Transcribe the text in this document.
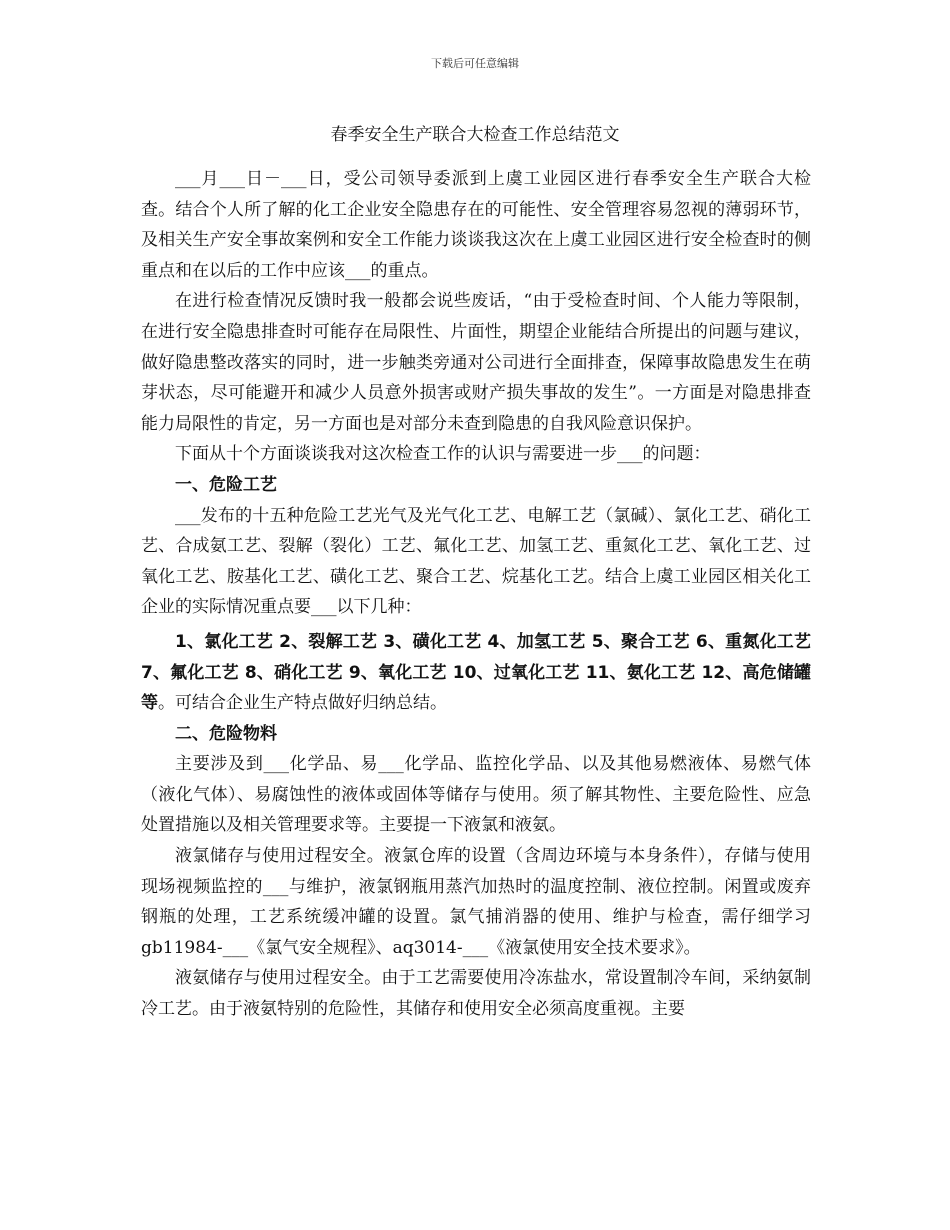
下载后可任意编辑
春季安全生产联合大检查工作总结范文

___月___日－___日，受公司领导委派到上虞工业园区进行春季安全生产联合大检查。结合个人所了解的化工企业安全隐患存在的可能性、安全管理容易忽视的薄弱环节，及相关生产安全事故案例和安全工作能力谈谈我这次在上虞工业园区进行安全检查时的侧重点和在以后的工作中应该___的重点。

在进行检查情况反馈时我一般都会说些废话，“由于受检查时间、个人能力等限制，在进行安全隐患排查时可能存在局限性、片面性，期望企业能结合所提出的问题与建议，做好隐患整改落实的同时，进一步触类旁通对公司进行全面排查，保障事故隐患发生在萌芽状态，尽可能避开和减少人员意外损害或财产损失事故的发生”。一方面是对隐患排查能力局限性的肯定，另一方面也是对部分未查到隐患的自我风险意识保护。

下面从十个方面谈谈我对这次检查工作的认识与需要进一步___的问题：

一、危险工艺

___发布的十五种危险工艺光气及光气化工艺、电解工艺（氯碱）、氯化工艺、硝化工艺、合成氨工艺、裂解（裂化）工艺、氟化工艺、加氢工艺、重氮化工艺、氧化工艺、过氧化工艺、胺基化工艺、磺化工艺、聚合工艺、烷基化工艺。结合上虞工业园区相关化工企业的实际情况重点要___以下几种：

1、氯化工艺 2、裂解工艺 3、磺化工艺 4、加氢工艺 5、聚合工艺 6、重氮化工艺 7、氟化工艺 8、硝化工艺 9、氧化工艺 10、过氧化工艺 11、氨化工艺 12、高危储罐等。可结合企业生产特点做好归纳总结。

二、危险物料

主要涉及到___化学品、易___化学品、监控化学品、以及其他易燃液体、易燃气体（液化气体）、易腐蚀性的液体或固体等储存与使用。须了解其物性、主要危险性、应急处置措施以及相关管理要求等。主要提一下液氯和液氨。

液氯储存与使用过程安全。液氯仓库的设置（含周边环境与本身条件），存储与使用现场视频监控的___与维护，液氯钢瓶用蒸汽加热时的温度控制、液位控制。闲置或废弃钢瓶的处理，工艺系统缓冲罐的设置。氯气捕消器的使用、维护与检查，需仔细学习 gb11984-___《氯气安全规程》、aq3014-___《液氯使用安全技术要求》。

液氨储存与使用过程安全。由于工艺需要使用冷冻盐水，常设置制冷车间，采纳氨制冷工艺。由于液氨特别的危险性，其储存和使用安全必须高度重视。主要
